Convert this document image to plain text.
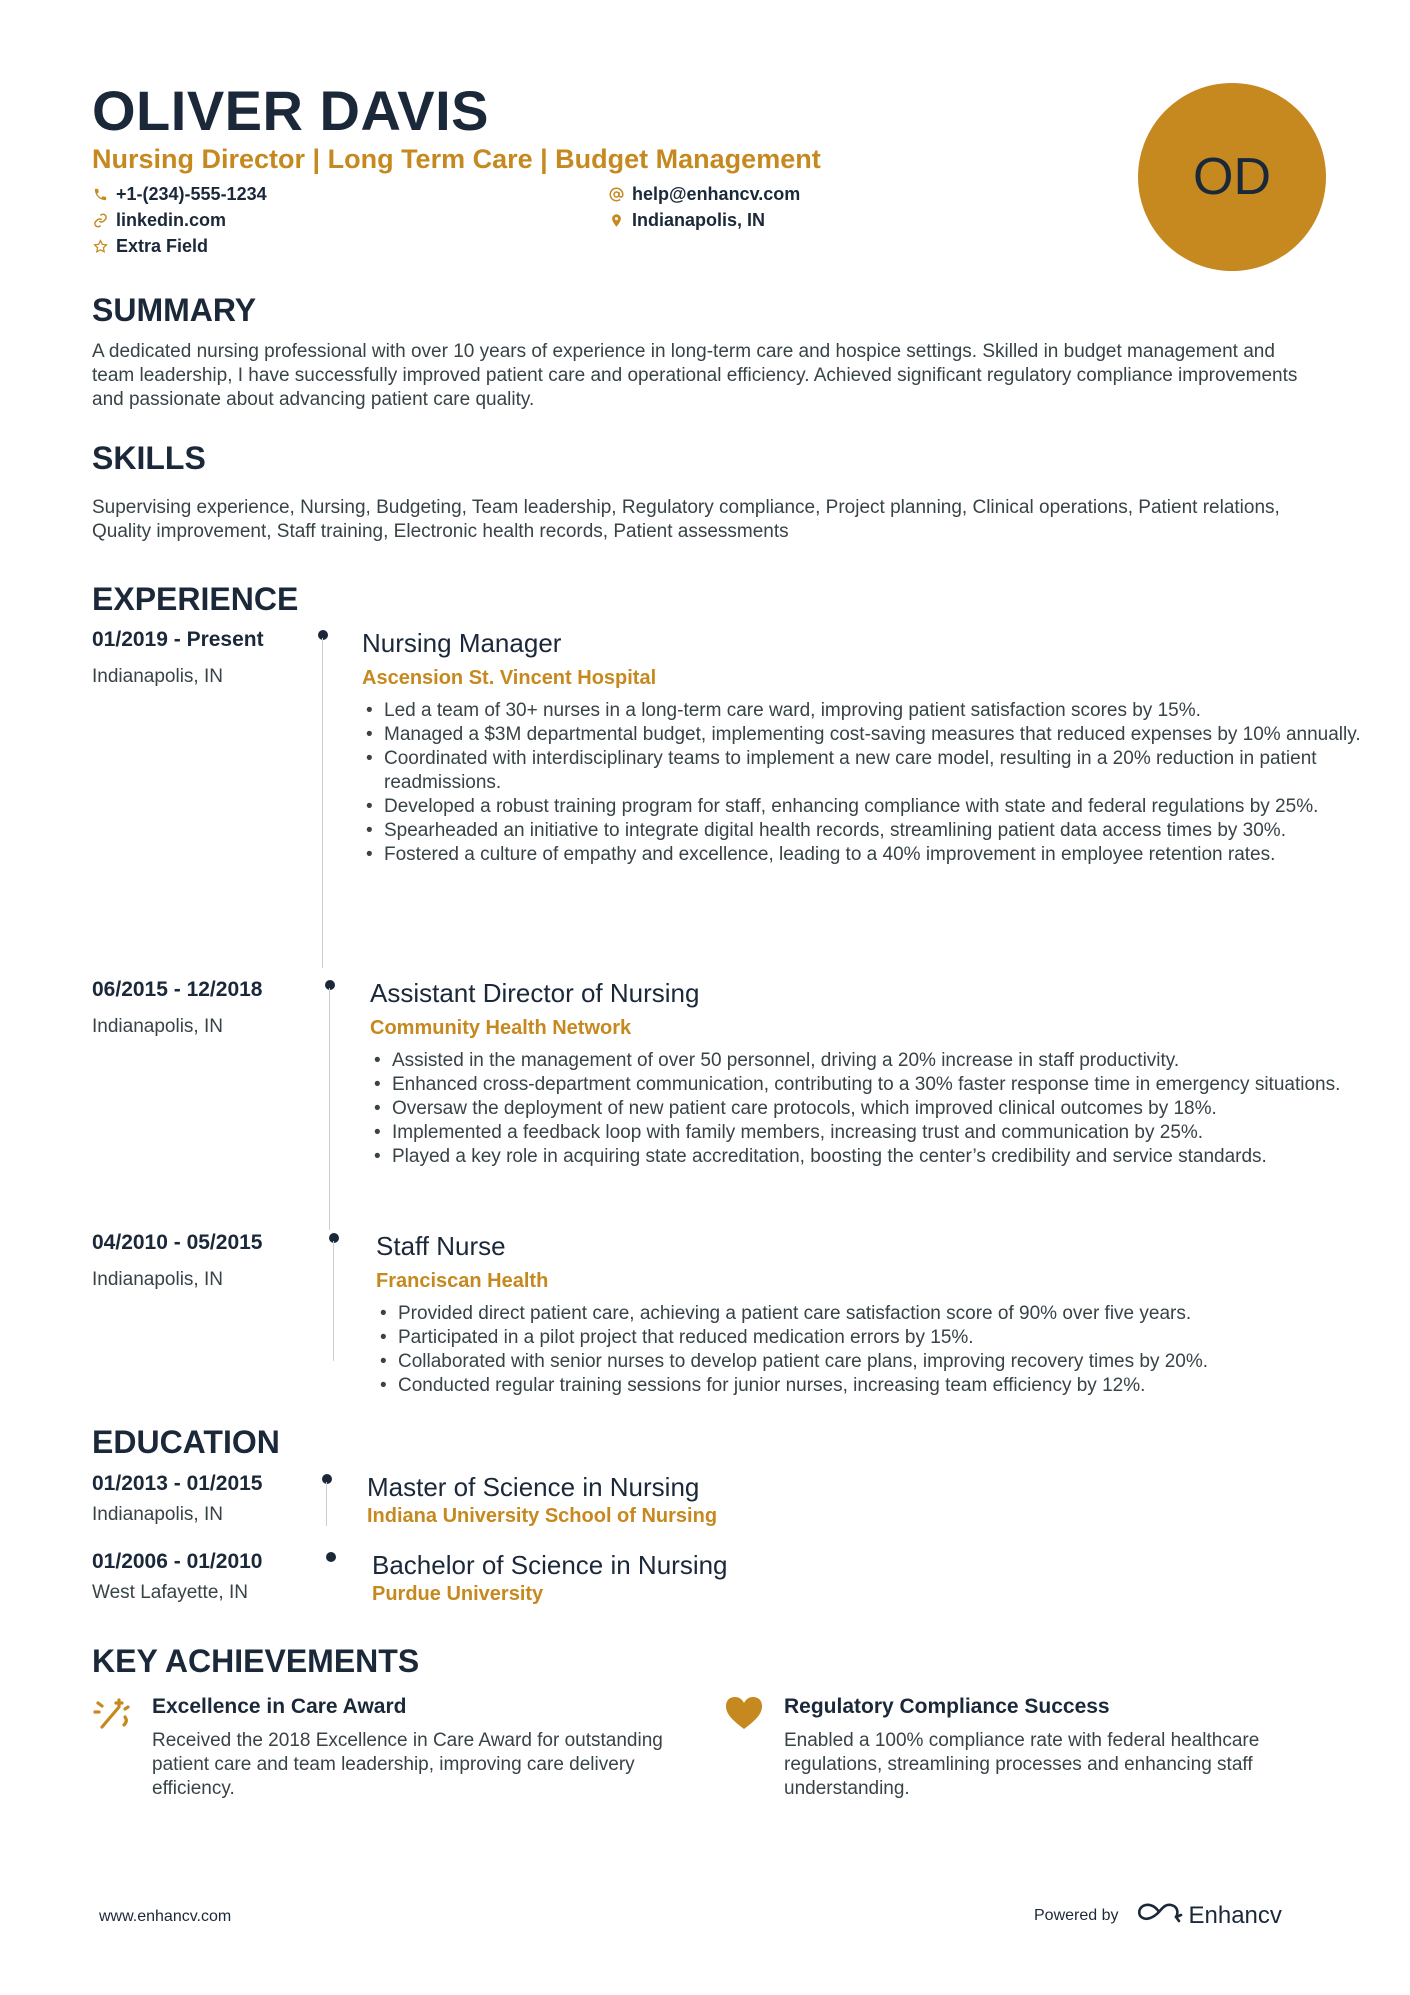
OLIVER DAVIS
Nursing Director | Long Term Care | Budget Management
+1-(234)-555-1234	help@enhancv.com
linkedin.com	Indianapolis, IN
Extra Field
OD
SUMMARY
A dedicated nursing professional with over 10 years of experience in long-term care and hospice settings. Skilled in budget management and team leadership, I have successfully improved patient care and operational efficiency. Achieved significant regulatory compliance improvements and passionate about advancing patient care quality.
SKILLS
Supervising experience, Nursing, Budgeting, Team leadership, Regulatory compliance, Project planning, Clinical operations, Patient relations, Quality improvement, Staff training, Electronic health records, Patient assessments
EXPERIENCE
01/2019 - Present
Indianapolis, IN
Nursing Manager
Ascension St. Vincent Hospital
• Led a team of 30+ nurses in a long-term care ward, improving patient satisfaction scores by 15%.
• Managed a $3M departmental budget, implementing cost-saving measures that reduced expenses by 10% annually.
• Coordinated with interdisciplinary teams to implement a new care model, resulting in a 20% reduction in patient readmissions.
• Developed a robust training program for staff, enhancing compliance with state and federal regulations by 25%.
• Spearheaded an initiative to integrate digital health records, streamlining patient data access times by 30%.
• Fostered a culture of empathy and excellence, leading to a 40% improvement in employee retention rates.
06/2015 - 12/2018
Indianapolis, IN
Assistant Director of Nursing
Community Health Network
• Assisted in the management of over 50 personnel, driving a 20% increase in staff productivity.
• Enhanced cross-department communication, contributing to a 30% faster response time in emergency situations.
• Oversaw the deployment of new patient care protocols, which improved clinical outcomes by 18%.
• Implemented a feedback loop with family members, increasing trust and communication by 25%.
• Played a key role in acquiring state accreditation, boosting the center’s credibility and service standards.
04/2010 - 05/2015
Indianapolis, IN
Staff Nurse
Franciscan Health
• Provided direct patient care, achieving a patient care satisfaction score of 90% over five years.
• Participated in a pilot project that reduced medication errors by 15%.
• Collaborated with senior nurses to develop patient care plans, improving recovery times by 20%.
• Conducted regular training sessions for junior nurses, increasing team efficiency by 12%.
EDUCATION
01/2013 - 01/2015
Indianapolis, IN
Master of Science in Nursing
Indiana University School of Nursing
01/2006 - 01/2010
West Lafayette, IN
Bachelor of Science in Nursing
Purdue University
KEY ACHIEVEMENTS
Excellence in Care Award
Received the 2018 Excellence in Care Award for outstanding patient care and team leadership, improving care delivery efficiency.
Regulatory Compliance Success
Enabled a 100% compliance rate with federal healthcare regulations, streamlining processes and enhancing staff understanding.
www.enhancv.com	Powered by	Enhancv
